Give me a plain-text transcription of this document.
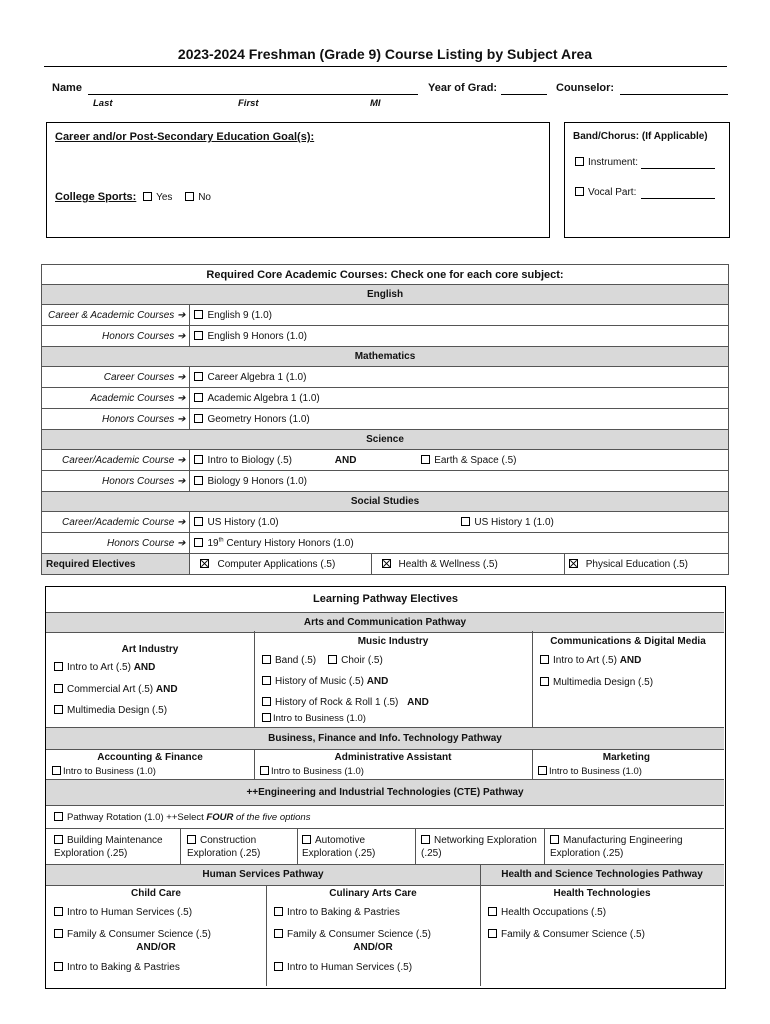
2023-2024 Freshman (Grade 9) Course Listing by Subject Area
Name
Last	First	MI
Year of Grad:	Counselor:
Career and/or Post-Secondary Education Goal(s):
College Sports: Yes	No
Band/Chorus: (If Applicable)
Instrument:
Vocal Part:
Required Core Academic Courses: Check one for each core subject:			
English			
Career & Academic Courses ➔	English 9 (1.0)		
Honors Courses ➔	English 9 Honors (1.0)		
Mathematics			
Career Courses ➔	Career Algebra 1 (1.0)		
Academic Courses ➔	Academic Algebra 1 (1.0)		
Honors Courses ➔	Geometry Honors (1.0)		
Science			
Career/Academic Course ➔	Intro to Biology (.5) AND Earth & Space (.5)		
Honors Courses ➔	Biology 9 Honors (1.0)		
Social Studies			
Career/Academic Course ➔	US History (1.0) US History 1 (1.0)		
Honors Course ➔	19th Century History Honors (1.0)		
Required Electives	Computer Applications (.5)	Health & Wellness (.5)	Physical Education (.5)
Learning Pathway Electives
Arts and Communication Pathway
Art Industry
Intro to Art (.5) AND
Commercial Art (.5) AND
Multimedia Design (.5)
Music Industry
Band (.5)	Choir (.5)
History of Music (.5) AND
History of Rock & Roll 1 (.5) AND
Intro to Business (1.0)
Communications & Digital Media
Intro to Art (.5) AND
Multimedia Design (.5)
Business, Finance and Info. Technology Pathway
Accounting & Finance	Administrative Assistant	Marketing
Intro to Business (1.0)	Intro to Business (1.0)	Intro to Business (1.0)
++Engineering and Industrial Technologies (CTE) Pathway
Pathway Rotation (1.0) ++Select FOUR of the five options
Building Maintenance
Exploration (.25)
Construction
Exploration (.25)
Automotive
Exploration (.25)
Networking Exploration
(.25)
Manufacturing Engineering
Exploration (.25)
Human Services Pathway	Health and Science Technologies Pathway
Child Care
Intro to Human Services (.5)
Family & Consumer Science (.5)
AND/OR
Intro to Baking & Pastries
Culinary Arts Care
Intro to Baking & Pastries
Family & Consumer Science (.5)
AND/OR
Intro to Human Services (.5)
Health Technologies
Health Occupations (.5)
Family & Consumer Science (.5)
